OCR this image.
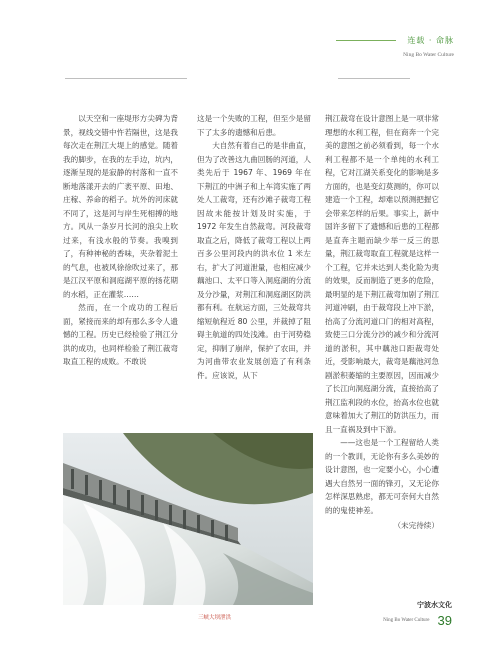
连载 · 命脉
Ning Bo Water Culture

以天空和一座堤形方尖碑为背景，视线交错中忤若隔世，这是我每次走在荆江大堤上的感觉。随着我的脚步，在我的左手边，坑内，逐渐呈现的是寂静的村落和一直不断地落漾开去的广袤平原、田地、庄稼、养命的稻子。坑外的河床就不同了，这是河与岸生死相搏的地方。风从一条岁月长河的浪尖上吹过来，有浅水般的节奏。我嗅到了，有种神秘的香味，夹杂着泥土的气息，也被风徐徐吹过来了，那是江汉平原和洞庭湖平原的扬花期的水稻，正在灌浆……

然而，在一个成功的工程后面，紧接而来的却有那么多令人遗憾的工程。历史已经检验了荆江分洪的成功，也同样检验了荆江裁弯取直工程的成败。不敢说

这是一个失败的工程，但至少是留下了太多的遗憾和后患。

大自然有着自己的是非曲直，但为了改善这九曲回肠的河道，人类先后于 1967 年、1969 年在下荆江的中洲子和上车湾实施了两处人工裁弯，还有沙滩子裁弯工程因故未能按计划及时实施，于 1972 年发生自然裁弯。河段裁弯取直之后，降低了裁弯工程以上两百多公里河段内的洪水位 1 米左右，扩大了河道泄量，也相应减少藕池口、太平口等入洞庭湖的分流及分沙量，对荆江和洞庭湖区防洪都有利。在航运方面，三处裁弯共缩短航程近 80 公里，并裁掉了阻碍主航道的四处浅滩。由于河势稳定，抑制了崩岸，保护了农田，并为河曲带农业发展创造了有利条件。应该说，从下

荆江裁弯在设计意图上是一项非常理想的水利工程，但在商奔一个完美的意图之前必须看到，每一个水利工程都不是一个单纯的水利工程，它对江湖关系变化的影响是多方面的，也是变幻莫测的，你可以建造一个工程，却难以预测把握它会带来怎样的后果。事实上，新中国许多留下了遗憾和后患的工程都是直奔主题而缺少举一反三的思量，荆江裁弯取直工程就是这样一个工程，它并未达到人类化险为夷的效果，反而制造了更多的危险，最明显的是下荆江裁弯加剧了荆江河道冲刷，由于裁弯段上冲下淤，抬高了分流河道口门的相对高程，致使三口分流分沙的减少和分流河道的淤积，其中藕池口距裁弯处近，受影响最大，裁弯是藕池河急剧淤积萎缩的主要原因，因而减少了长江向洞庭湖分流，直接抬高了荆江监利段的水位，抬高水位也就意味着加大了荆江的防洪压力，而且一直祸及到中下游。

——这也是一个工程留给人类的一个教训，无论你有多么美妙的设计意图，也一定要小心，小心遭遇大自然另一面的锋刃，又无论你怎样深思熟虑，都无可奈何大自然的的鬼使神差。

（未完待续）
三峡大坝泄洪
宁波水文化
Ning Bo Water Culture 39
